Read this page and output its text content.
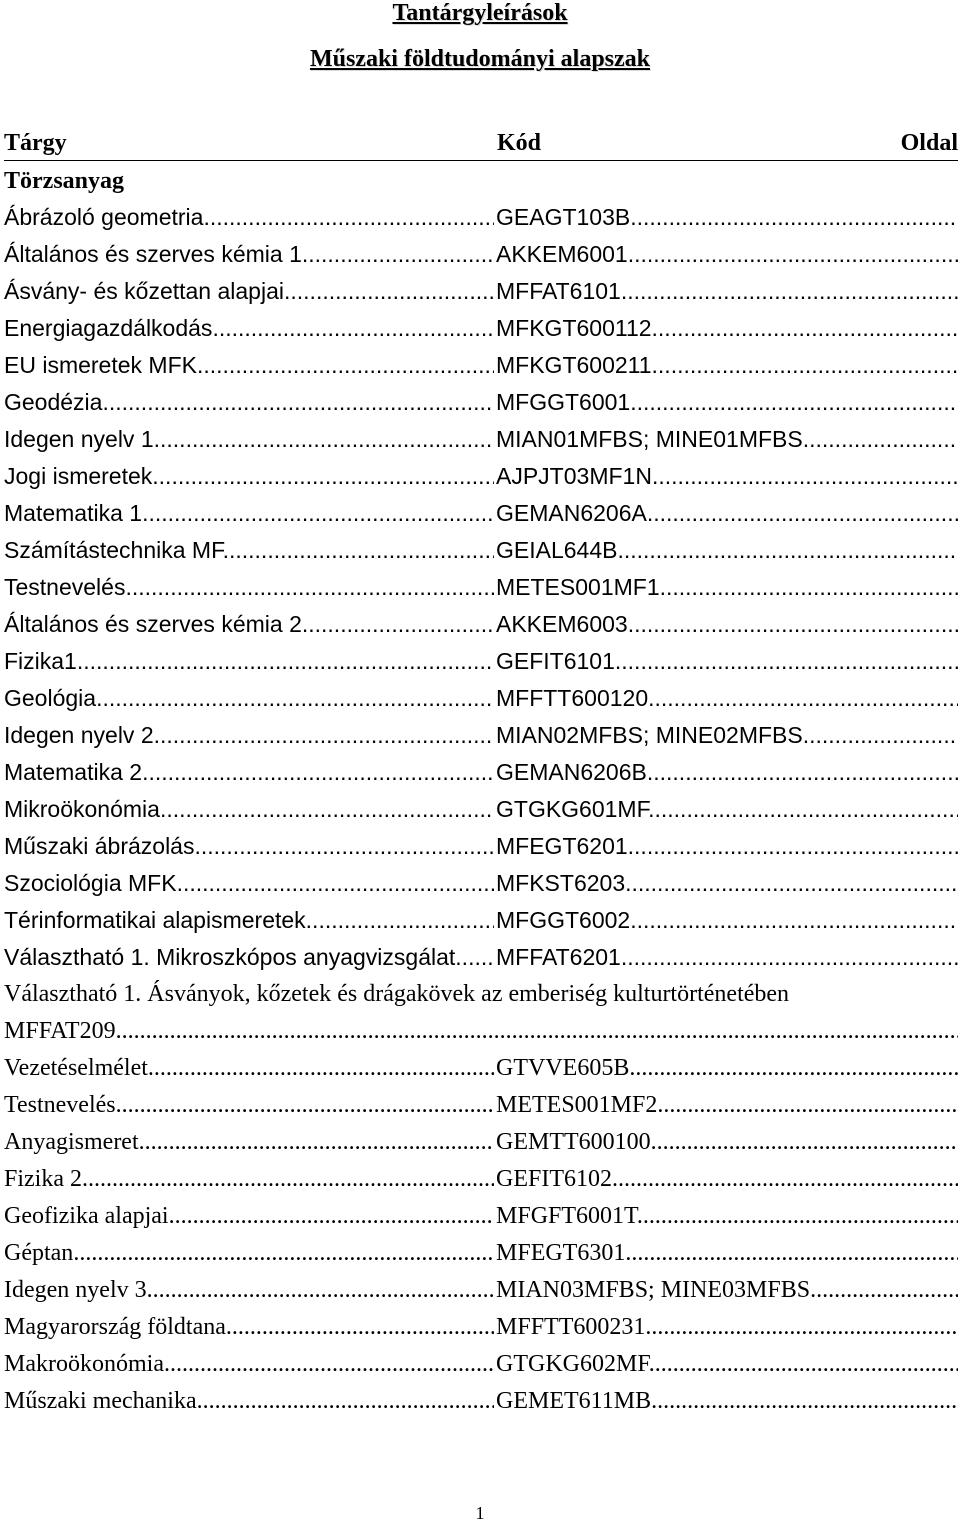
Tantárgyleírások
Műszaki földtudományi alapszak
Tárgy	Kód	Oldal
Törzsanyag
Ábrázoló geometria .....	GEAGT103B .....
Általános és szerves kémia 1. .....	AKKEM6001 .....
Ásvány- és kőzettan alapjai .....	MFFAT6101 .....
Energiagazdálkodás .....	MFKGT600112 .....
EU ismeretek MFK .....	MFKGT600211 .....
Geodézia .....	MFGGT6001 .....
Idegen nyelv 1 .....	MIAN01MFBS; MINE01MFBS .....
Jogi ismeretek .....	AJPJT03MF1N .....
Matematika 1 .....	GEMAN6206A .....
Számítástechnika MF .....	GEIAL644B .....
Testnevelés .....	METES001MF1 .....
Általános és szerves kémia 2 .....	AKKEM6003 .....
Fizika1 .....	GEFIT6101 .....
Geológia .....	MFFTT600120 .....
Idegen nyelv 2 .....	MIAN02MFBS; MINE02MFBS .....
Matematika 2 .....	GEMAN6206B .....
Mikroökonómia .....	GTGKG601MF .....
Műszaki ábrázolás .....	MFEGT6201 .....
Szociológia MFK .....	MFKST6203 .....
Térinformatikai alapismeretek .....	MFGGT6002 .....
Választható 1. Mikroszkópos anyagvizsgálat .....	MFFAT6201 .....
Választható 1. Ásványok, kőzetek és drágakövek az emberiség kulturtörténetében
MFFAT209 .....
Vezetéselmélet .....	GTVVE605B .....
Testnevelés .....	METES001MF2 .....
Anyagismeret .....	GEMTT600100 .....
Fizika 2 .....	GEFIT6102 .....
Geofizika alapjai .....	MFGFT6001T .....
Géptan .....	MFEGT6301 .....
Idegen nyelv 3 .....	MIAN03MFBS; MINE03MFBS .....
Magyarország földtana .....	MFFTT600231 .....
Makroökonómia .....	GTGKG602MF .....
Műszaki mechanika .....	GEMET611MB .....
1
